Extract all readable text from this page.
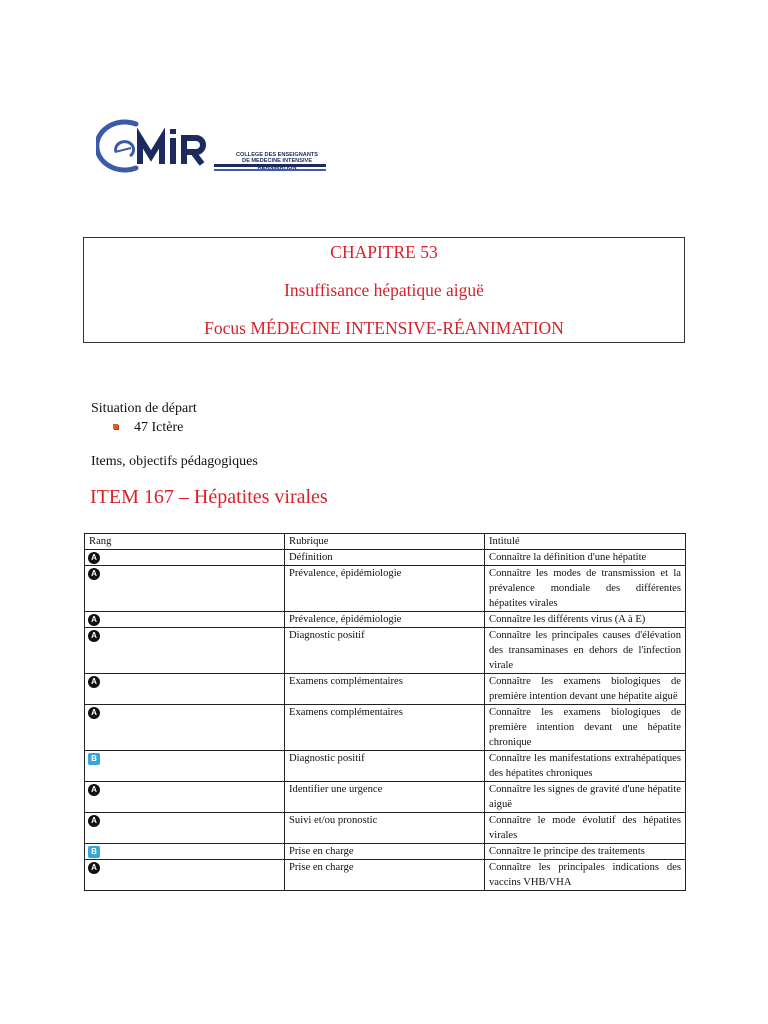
COLLEGE DES ENSEIGNANTS
DE MEDECINE INTENSIVE
REANIMATION
CHAPITRE 53
Insuffisance hépatique aiguë
Focus MÉDECINE INTENSIVE-RÉANIMATION
Situation de départ
47 Ictère
Items, objectifs pédagogiques
ITEM 167 – Hépatites virales
Rang	Rubrique	Intitulé
A	Définition	Connaître la définition d'une hépatite
A	Prévalence, épidémiologie	Connaître les modes de transmission et la prévalence mondiale des différentes hépatites virales
A	Prévalence, épidémiologie	Connaître les différents virus (A à E)
A	Diagnostic positif	Connaître les principales causes d'élévation des transaminases en dehors de l'infection virale
A	Examens complémentaires	Connaître les examens biologiques de première intention devant une hépatite aiguë
A	Examens complémentaires	Connaître les examens biologiques de première intention devant une hépatite chronique
B	Diagnostic positif	Connaître les manifestations extrahépatiques des hépatites chroniques
A	Identifier une urgence	Connaître les signes de gravité d'une hépatite aiguë
A	Suivi et/ou pronostic	Connaître le mode évolutif des hépatites virales
B	Prise en charge	Connaître le principe des traitements
A	Prise en charge	Connaître les principales indications des vaccins VHB/VHA
